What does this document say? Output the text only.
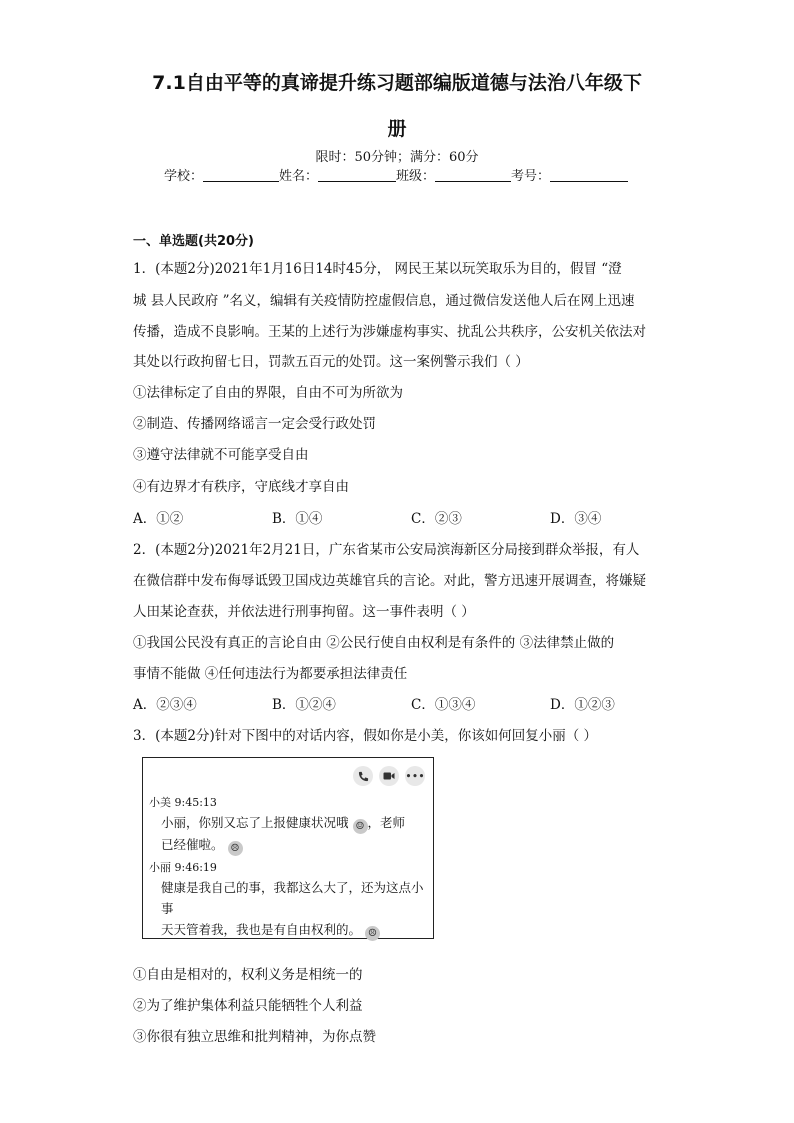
7.1自由平等的真谛提升练习题部编版道德与法治八年级下
册
限时：50分钟；满分：60分
学校：	姓名：	班级：	考号：
一、单选题(共20分)
1．(本题2分)2021年1月16日14时45分， 网民王某以玩笑取乐为目的，假冒 “澄
城 县人民政府 ”名义，编辑有关疫情防控虚假信息，通过微信发送他人后在网上迅速
传播，造成不良影响。王某的上述行为涉嫌虚构事实、扰乱公共秩序，公安机关依法对
其处以行政拘留七日，罚款五百元的处罚。这一案例警示我们（ ）
①法律标定了自由的界限，自由不可为所欲为
②制造、传播网络谣言一定会受行政处罚
③遵守法律就不可能享受自由
④有边界才有秩序，守底线才享自由
A．①②	B．①④	C．②③	D．③④
2．(本题2分)2021年2月21日，广东省某市公安局滨海新区分局接到群众举报，有人
在微信群中发布侮辱诋毁卫国戍边英雄官兵的言论。对此，警方迅速开展调查，将嫌疑
人田某论查获，并依法进行刑事拘留。这一事件表明（ ）
①我国公民没有真正的言论自由 ②公民行使自由权利是有条件的 ③法律禁止做的
事情不能做 ④任何违法行为都要承担法律责任
A．②③④	B．①②④	C．①③④	D．①②③
3．(本题2分)针对下图中的对话内容，假如你是小美，你该如何回复小丽（ ）
•••
小美 9:45:13
小丽，你别又忘了上报健康状况哦 ☺ ，老师
已经催啦。 ☹
小丽 9:46:19
健康是我自己的事，我都这么大了，还为这点小事
天天管着我，我也是有自由权利的。 ☹
①自由是相对的，权利义务是相统一的
②为了维护集体利益只能牺牲个人利益
③你很有独立思维和批判精神，为你点赞
